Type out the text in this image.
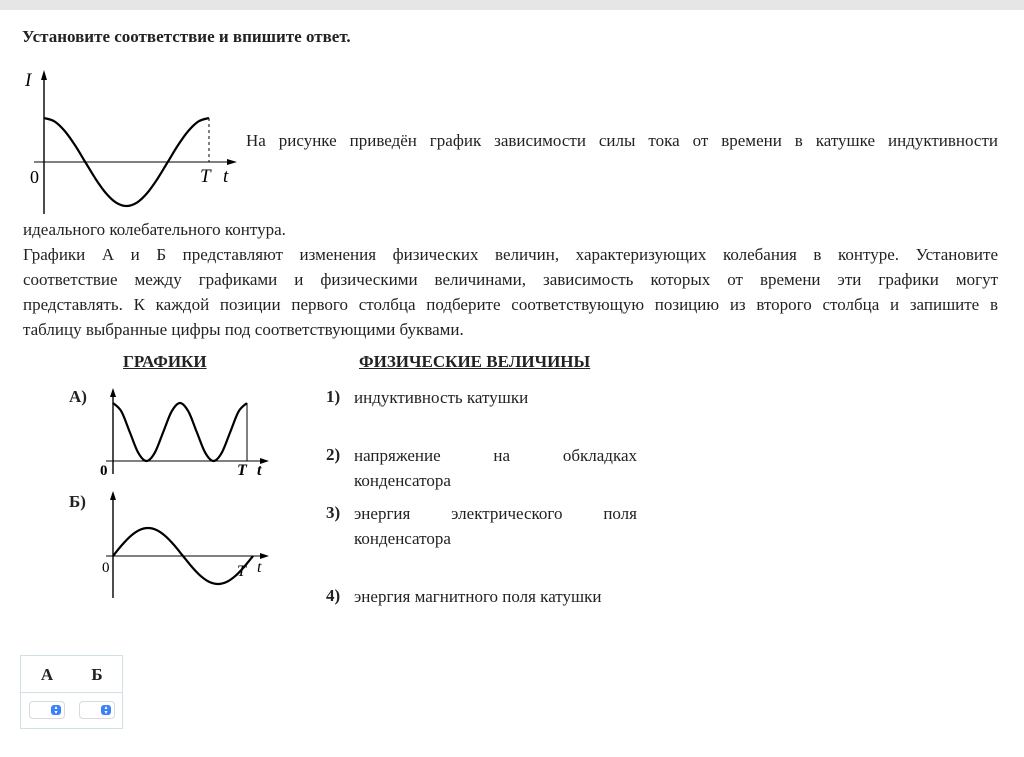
Установите соответствие и впишите ответ.
I
0	T t
На рисунке приведён график зависимости силы тока от времени в катушке индуктивности
идеального колебательного контура.
Графики А и Б представляют изменения физических величин, характеризующих колебания в контуре. Установите
соответствие между графиками и физическими величинами, зависимость которых от времени эти графики могут
представлять. К каждой позиции первого столбца подберите соответствующую позицию из второго столбца и запишите в
таблицу выбранные цифры под соответствующими буквами.
ГРАФИКИ	ФИЗИЧЕСКИЕ ВЕЛИЧИНЫ
А)
Б)
0	T t
0	T t
1) индуктивность катушки
2) напряжение на обкладках
конденсатора
3) энергия электрического поля
конденсатора
4) энергия магнитного поля катушки
А	Б
▴
▾
▴
▾
